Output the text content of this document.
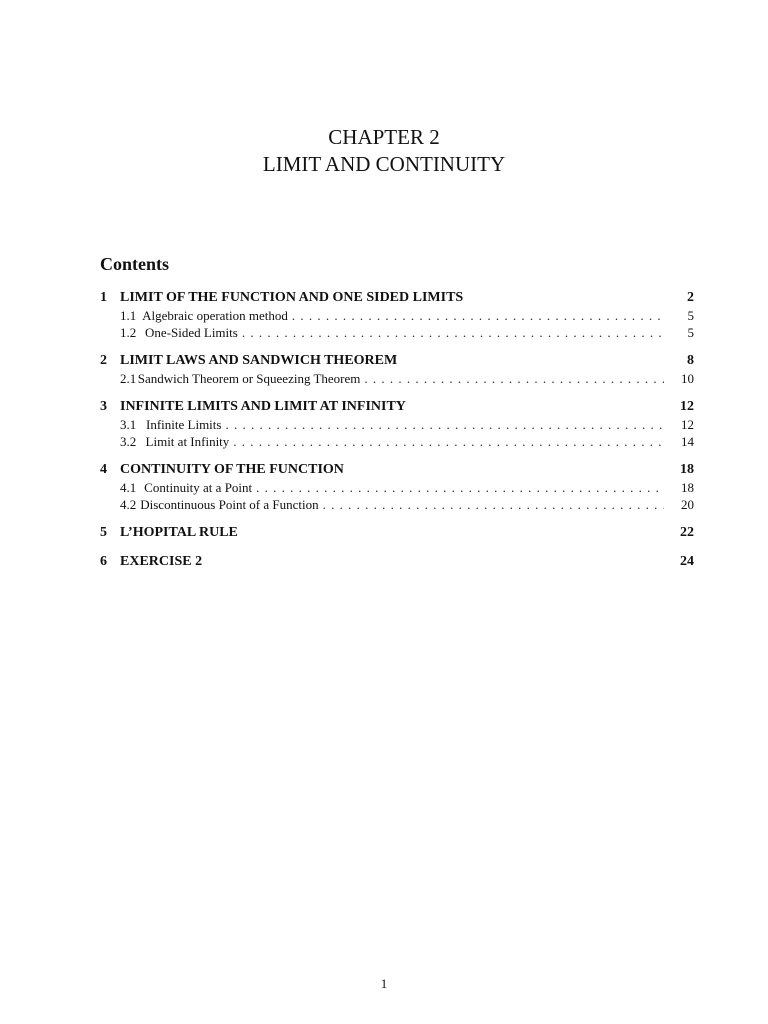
CHAPTER 2
LIMIT AND CONTINUITY
Contents
1 LIMIT OF THE FUNCTION AND ONE SIDED LIMITS	2
1.1 Algebraic operation method . . .	5
1.2 One-Sided Limits . . .	5
2 LIMIT LAWS AND SANDWICH THEOREM	8
2.1 Sandwich Theorem or Squeezing Theorem . . .	10
3 INFINITE LIMITS AND LIMIT AT INFINITY	12
3.1 Infinite Limits . . .	12
3.2 Limit at Infinity . . .	14
4 CONTINUITY OF THE FUNCTION	18
4.1 Continuity at a Point . . .	18
4.2 Discontinuous Point of a Function . . .	20
5 L’HOPITAL RULE	22
6 EXERCISE 2	24
1
